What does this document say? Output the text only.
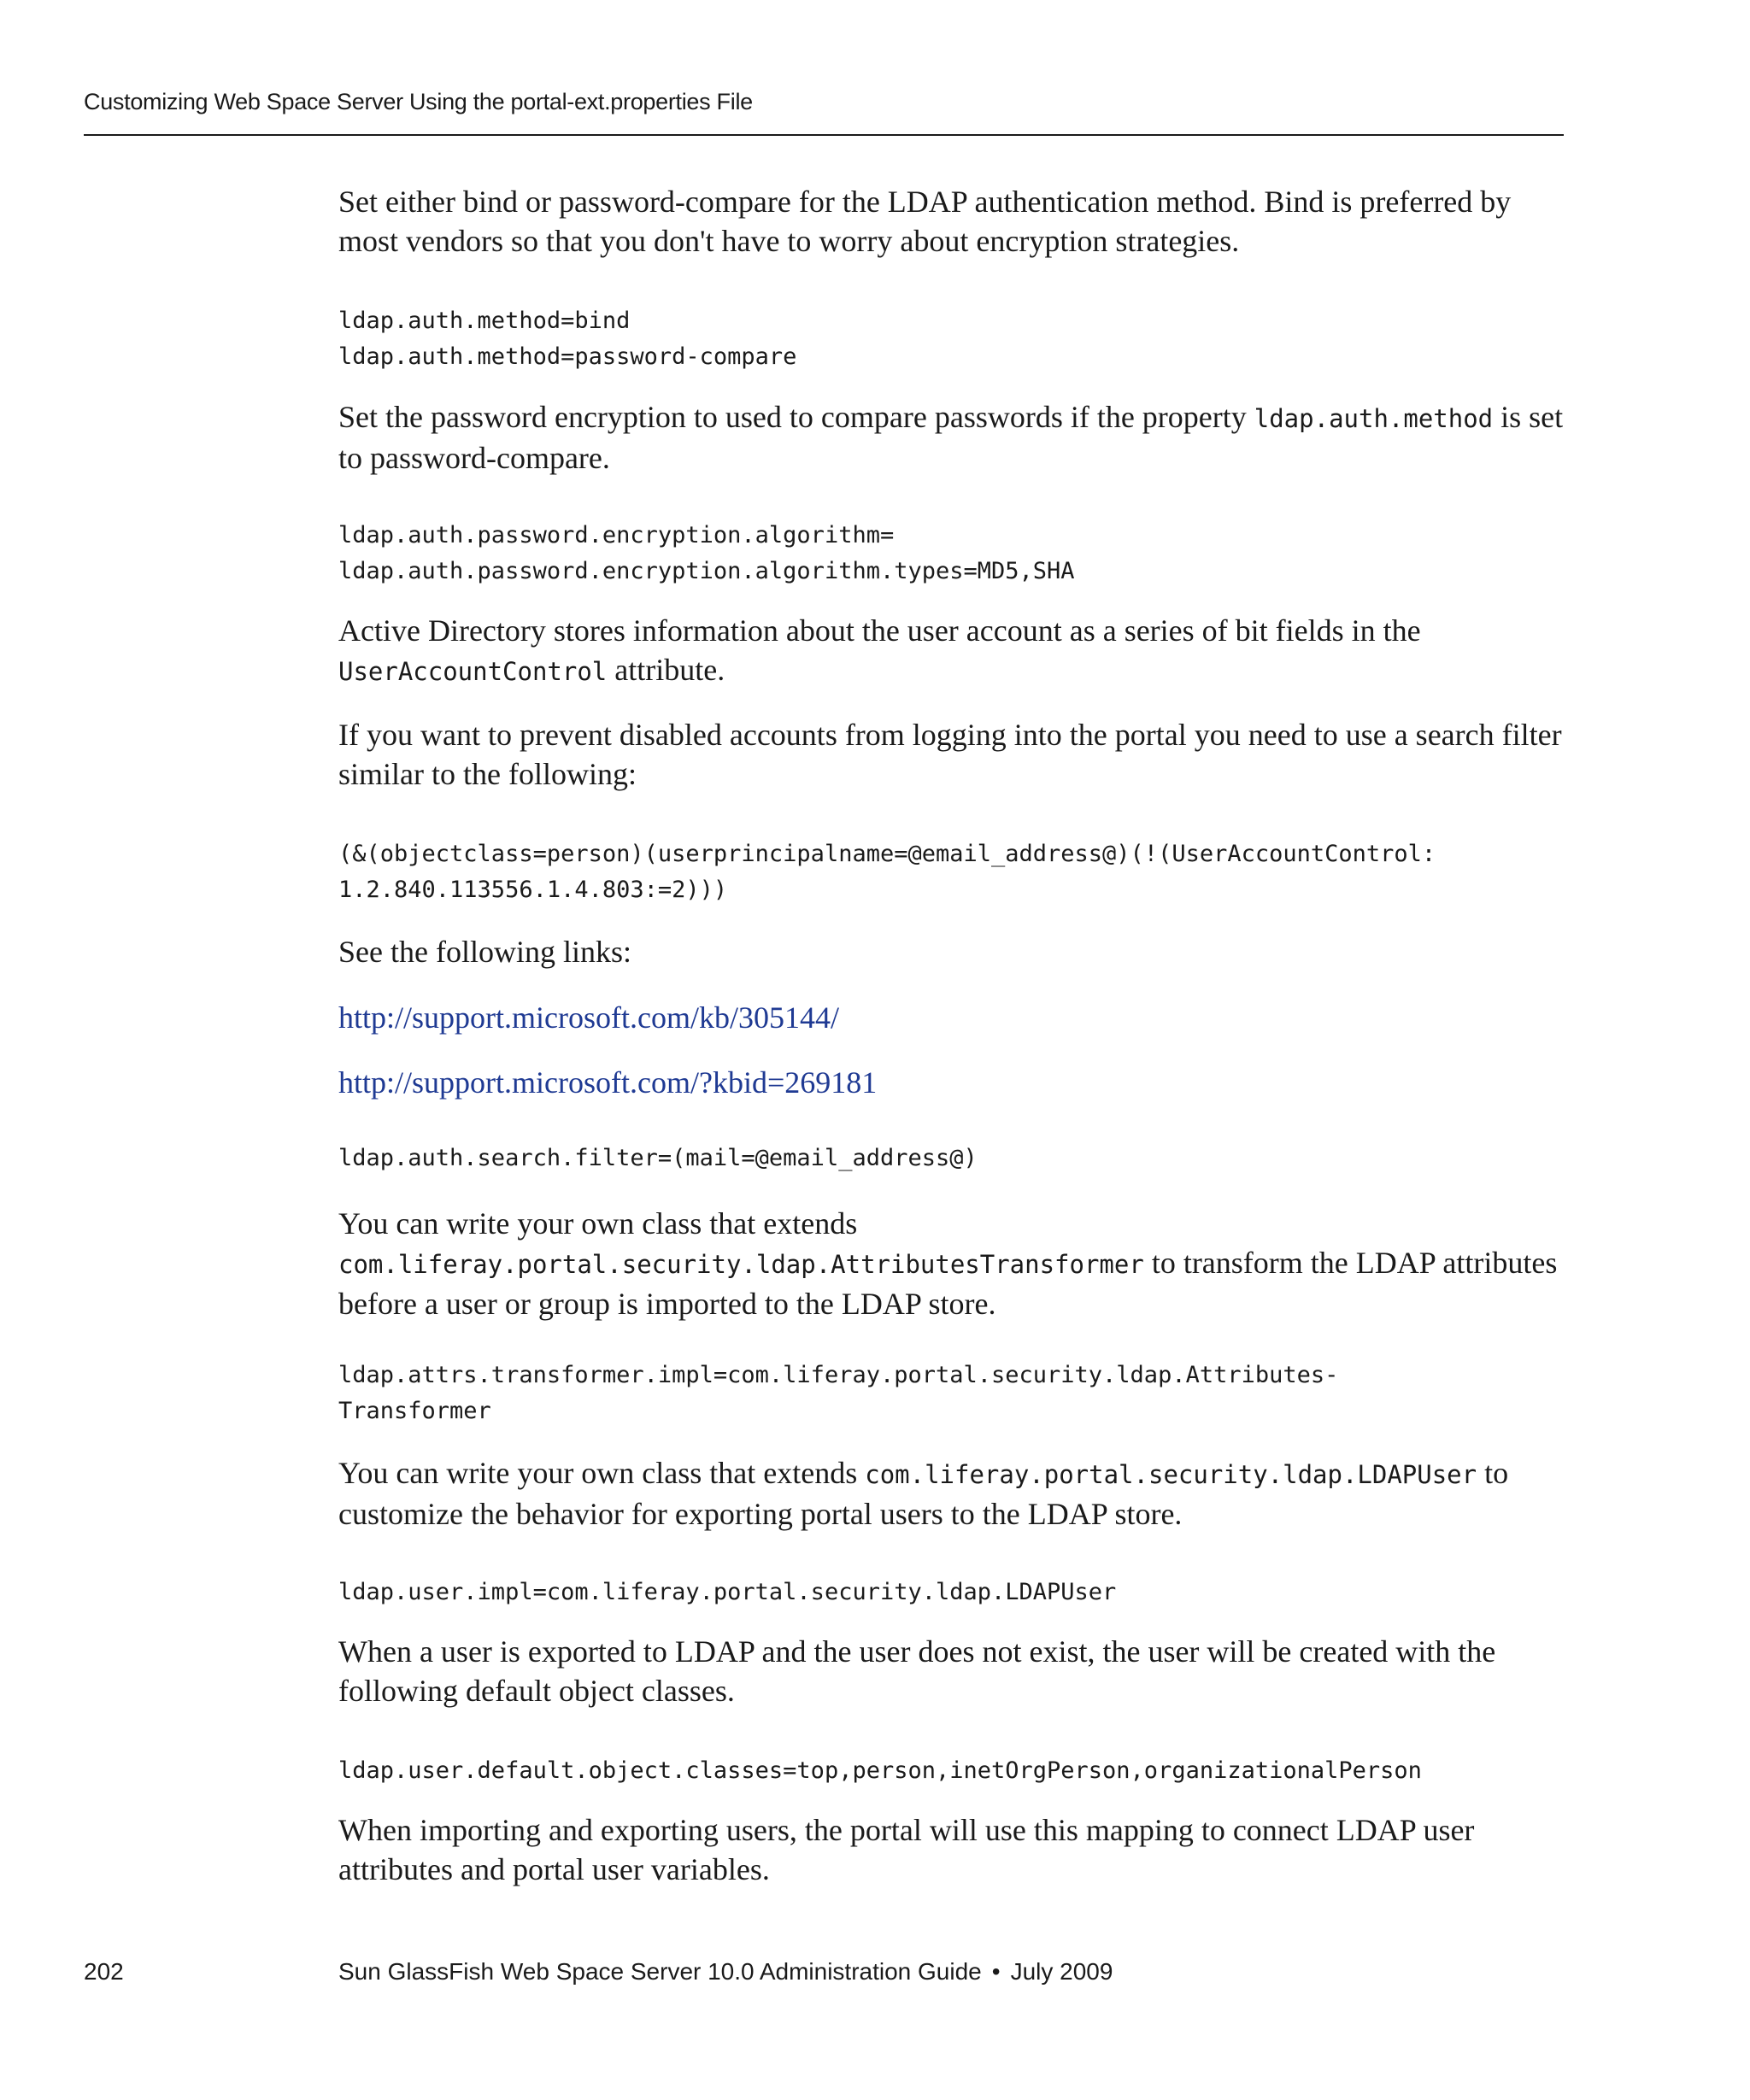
Customizing Web Space Server Using the portal-ext.properties File

Set either bind or password-compare for the LDAP authentication method. Bind is preferred by most vendors so that you don't have to worry about encryption strategies.

ldap.auth.method=bind
ldap.auth.method=password-compare

Set the password encryption to used to compare passwords if the property ldap.auth.method is set to password-compare.

ldap.auth.password.encryption.algorithm=
ldap.auth.password.encryption.algorithm.types=MD5,SHA

Active Directory stores information about the user account as a series of bit fields in the UserAccountControl attribute.

If you want to prevent disabled accounts from logging into the portal you need to use a search filter similar to the following:

(&(objectclass=person)(userprincipalname=@email_address@)(!(UserAccountControl:
1.2.840.113556.1.4.803:=2)))

See the following links:

http://support.microsoft.com/kb/305144/
http://support.microsoft.com/?kbid=269181
ldap.auth.search.filter=(mail=@email_address@)

You can write your own class that extends
com.liferay.portal.security.ldap.AttributesTransformer to transform the LDAP attributes before a user or group is imported to the LDAP store.

ldap.attrs.transformer.impl=com.liferay.portal.security.ldap.Attributes-
Transformer

You can write your own class that extends com.liferay.portal.security.ldap.LDAPUser to customize the behavior for exporting portal users to the LDAP store.

ldap.user.impl=com.liferay.portal.security.ldap.LDAPUser

When a user is exported to LDAP and the user does not exist, the user will be created with the following default object classes.

ldap.user.default.object.classes=top,person,inetOrgPerson,organizationalPerson

When importing and exporting users, the portal will use this mapping to connect LDAP user attributes and portal user variables.

202	Sun GlassFish Web Space Server 10.0 Administration Guide • July 2009
